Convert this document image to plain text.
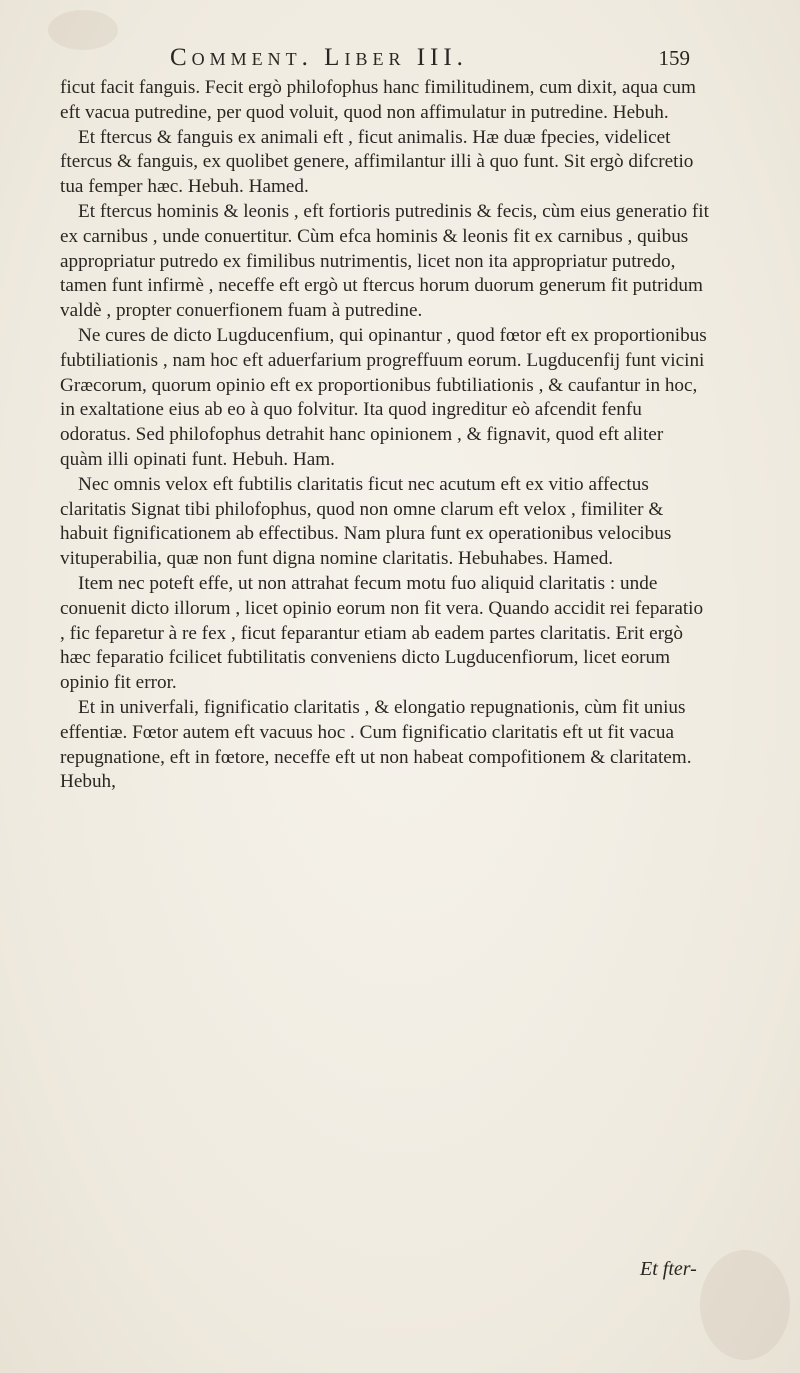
Comment. Liber III.	159

ficut facit fanguis. Fecit ergò philofophus hanc fimilitudinem, cum dixit, aqua cum eft vacua putredine, per quod voluit, quod non affimulatur in putredine. Hebuh.

Et ftercus & fanguis ex animali eft , ficut animalis. Hæ duæ fpecies, videlicet ftercus & fanguis, ex quolibet genere, affimilantur illi à quo funt. Sit ergò difcretio tua femper hæc. Hebuh. Hamed.

Et ftercus hominis & leonis , eft fortioris putredinis & fecis, cùm eius generatio fit ex carnibus , unde conuertitur. Cùm efca hominis & leonis fit ex carnibus , quibus appropriatur putredo ex fimilibus nutrimentis, licet non ita appropriatur putredo, tamen funt infirmè , neceffe eft ergò ut ftercus horum duorum generum fit putridum valdè , propter conuerfionem fuam à putredine.

Ne cures de dicto Lugducenfium, qui opinantur , quod fœtor eft ex proportionibus fubtiliationis , nam hoc eft aduerfarium progreffuum eorum. Lugducenfij funt vicini Græcorum, quorum opinio eft ex proportionibus fubtiliationis , & caufantur in hoc, in exaltatione eius ab eo à quo folvitur. Ita quod ingreditur eò afcendit fenfu odoratus. Sed philofophus detrahit hanc opinionem , & fignavit, quod eft aliter quàm illi opinati funt. Hebuh. Ham.

Nec omnis velox eft fubtilis claritatis ficut nec acutum eft ex vitio affectus claritatis Signat tibi philofophus, quod non omne clarum eft velox , fimiliter & habuit fignificationem ab effectibus. Nam plura funt ex operationibus velocibus vituperabilia, quæ non funt digna nomine claritatis. Hebuhabes. Hamed.

Item nec poteft effe, ut non attrahat fecum motu fuo aliquid claritatis : unde conuenit dicto illorum , licet opinio eorum non fit vera. Quando accidit rei feparatio , fic feparetur à re fex , ficut feparantur etiam ab eadem partes claritatis. Erit ergò hæc feparatio fcilicet fubtilitatis conveniens dicto Lugducenfiorum, licet eorum opinio fit error.

Et in univerfali, fignificatio claritatis , & elongatio repugnationis, cùm fit unius effentiæ. Fœtor autem eft vacuus hoc . Cum fignificatio claritatis eft ut fit vacua repugnatione, eft in fœtore, neceffe eft ut non habeat compofitionem & claritatem. Hebuh,

Et fter-
